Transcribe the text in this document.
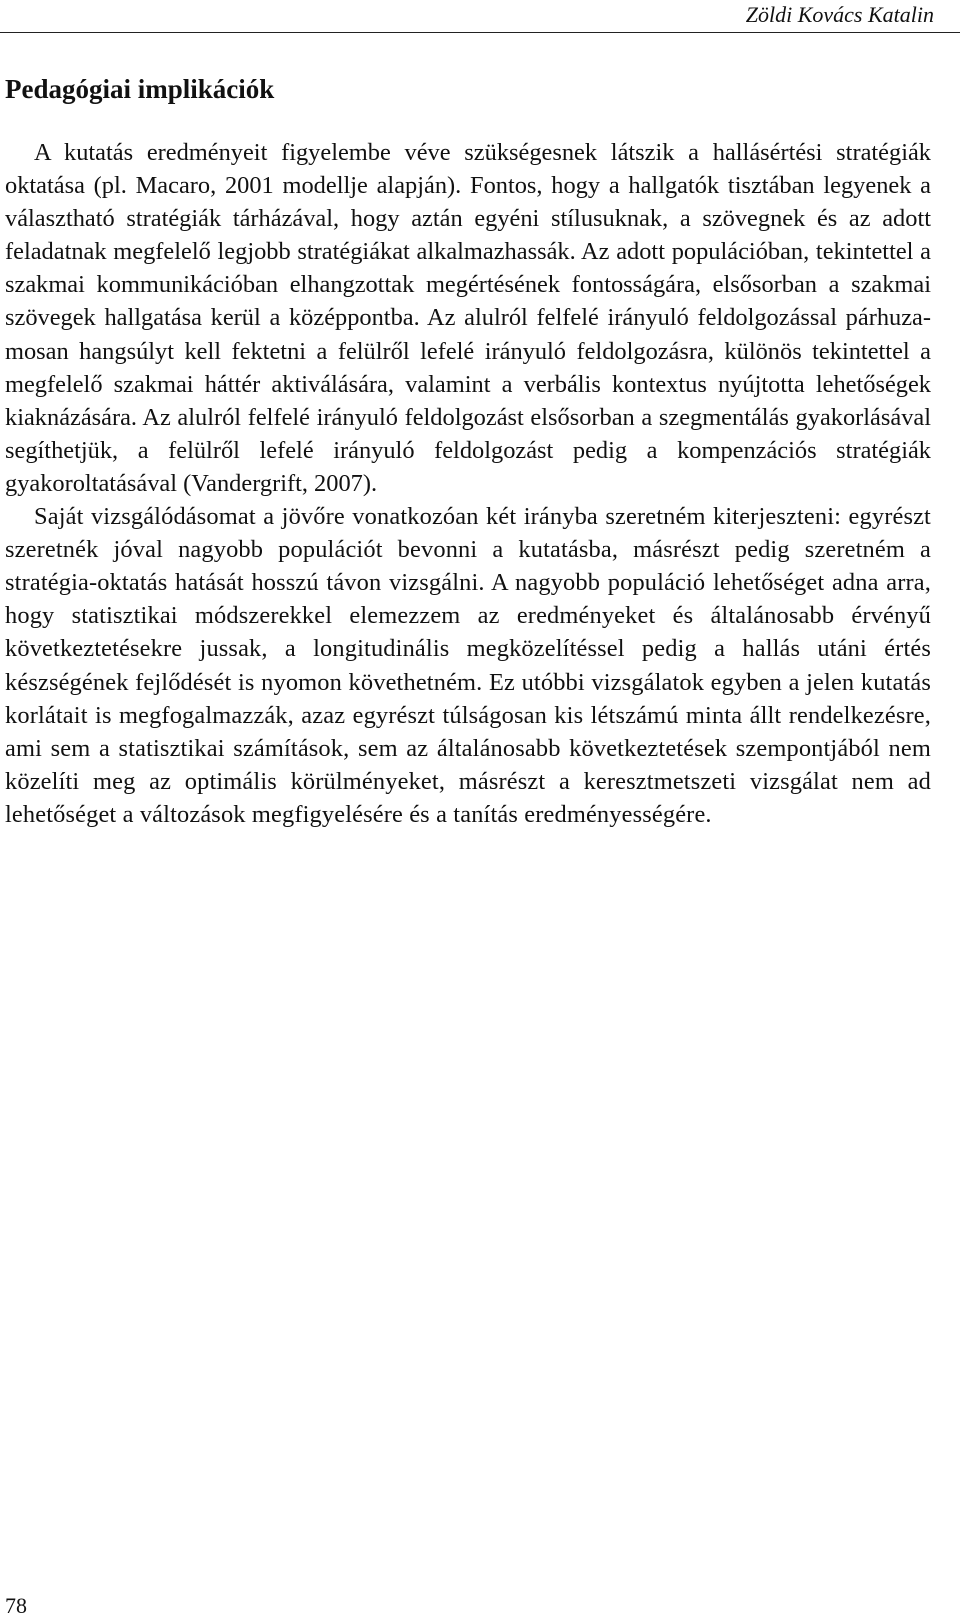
Zöldi Kovács Katalin
Pedagógiai implikációk

A kutatás eredményeit figyelembe véve szükségesnek látszik a hallásértési stratégiák oktatása (pl. Macaro, 2001 modellje alapján). Fontos, hogy a hallgatók tisztában legyenek a választható stratégiák tárházával, hogy aztán egyéni stílusuknak, a szövegnek és az adott feladatnak megfelelő legjobb stratégiákat alkalmazhassák. Az adott populációban, tekintettel a szakmai kommunikációban elhangzottak megértésének fontosságára, elsősorban a szakmai szövegek hallgatása kerül a középpontba. Az alulról felfelé irányuló feldolgozással párhuzamosan hangsúlyt kell fektetni a felülről lefelé irányuló feldolgozásra, különös tekintettel a megfelelő szakmai háttér aktiválására, valamint a verbális kontextus nyújtotta lehetőségek kiaknázására. Az alulról felfelé irányuló feldolgozást elsősorban a szegmentálás gyakorlásával segíthetjük, a felülről lefelé irányuló feldolgozást pedig a kompenzációs stratégiák gyakoroltatásával (Vandergrift, 2007).

Saját vizsgálódásomat a jövőre vonatkozóan két irányba szeretném kiterjeszteni: egyrészt szeretnék jóval nagyobb populációt bevonni a kutatásba, másrészt pedig szeretném a stratégia-oktatás hatását hosszú távon vizsgálni. A nagyobb populáció lehetőséget adna arra, hogy statisztikai módszerekkel elemezzem az eredményeket és általánosabb érvényű következtetésekre jussak, a longitudinális megközelítéssel pedig a hallás utáni értés készségének fejlődését is nyomon követhetném. Ez utóbbi vizsgálatok egyben a jelen kutatás korlátait is megfogalmazzák, azaz egyrészt túlságosan kis létszámú minta állt rendelkezésre, ami sem a statisztikai számítások, sem az általánosabb következtetések szempontjából nem közelíti meg az optimális körülményeket, másrészt a keresztmetszeti vizsgálat nem ad lehetőséget a változások megfigyelésére és a tanítás eredményességére.

78
